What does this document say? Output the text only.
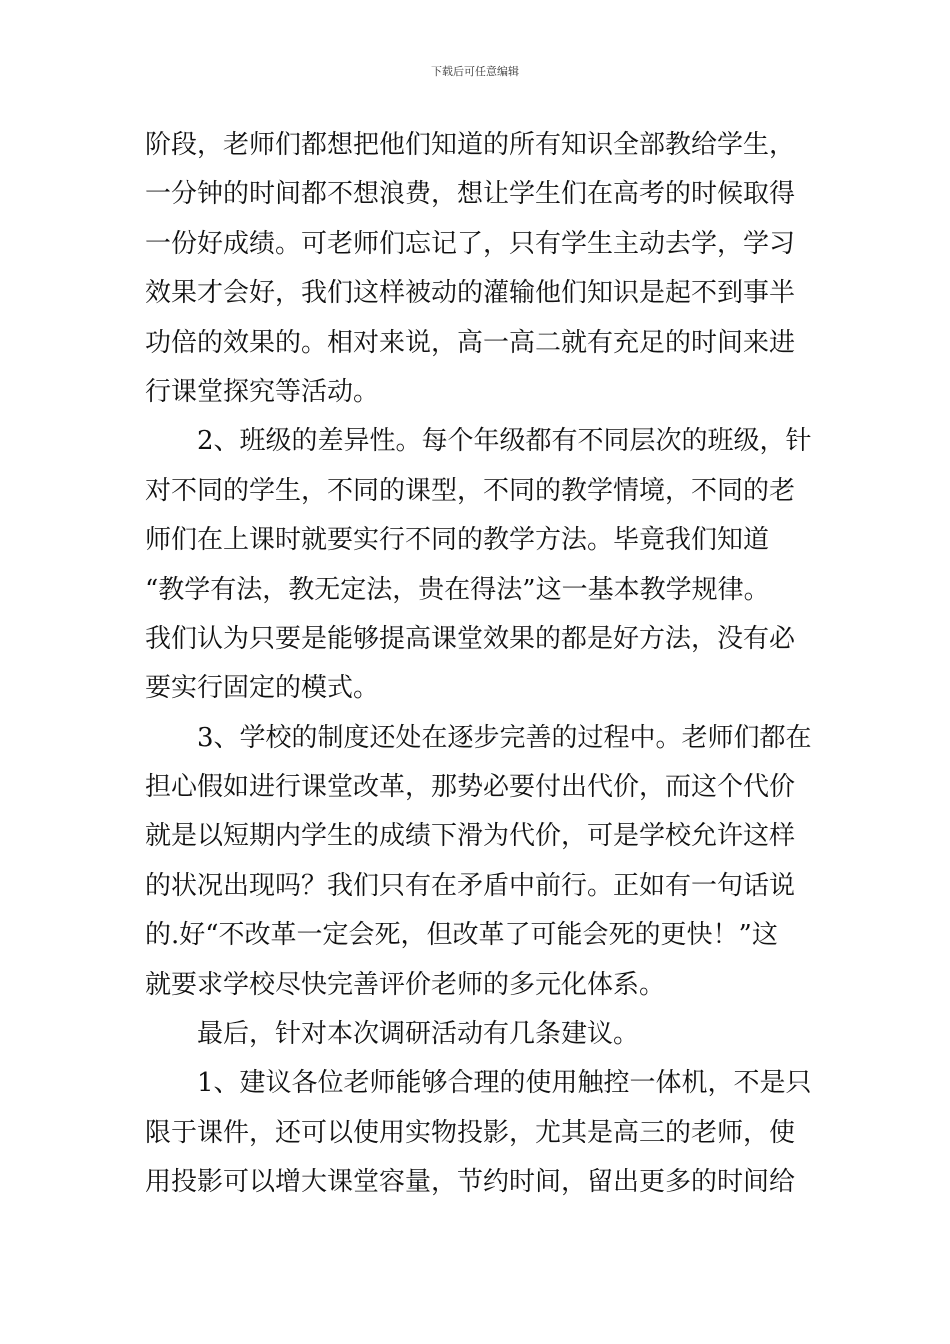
下载后可任意编辑
阶段，老师们都想把他们知道的所有知识全部教给学生，
一分钟的时间都不想浪费，想让学生们在高考的时候取得
一份好成绩。可老师们忘记了，只有学生主动去学，学习
效果才会好，我们这样被动的灌输他们知识是起不到事半
功倍的效果的。相对来说，高一高二就有充足的时间来进
行课堂探究等活动。
2、班级的差异性。每个年级都有不同层次的班级，针
对不同的学生，不同的课型，不同的教学情境，不同的老
师们在上课时就要实行不同的教学方法。毕竟我们知道
“教学有法，教无定法，贵在得法”这一基本教学规律。
我们认为只要是能够提高课堂效果的都是好方法，没有必
要实行固定的模式。
3、学校的制度还处在逐步完善的过程中。老师们都在
担心假如进行课堂改革，那势必要付出代价，而这个代价
就是以短期内学生的成绩下滑为代价，可是学校允许这样
的状况出现吗？我们只有在矛盾中前行。正如有一句话说
的.好“不改革一定会死，但改革了可能会死的更快！”这
就要求学校尽快完善评价老师的多元化体系。
最后，针对本次调研活动有几条建议。
1、建议各位老师能够合理的使用触控一体机，不是只
限于课件，还可以使用实物投影，尤其是高三的老师，使
用投影可以增大课堂容量，节约时间，留出更多的时间给
